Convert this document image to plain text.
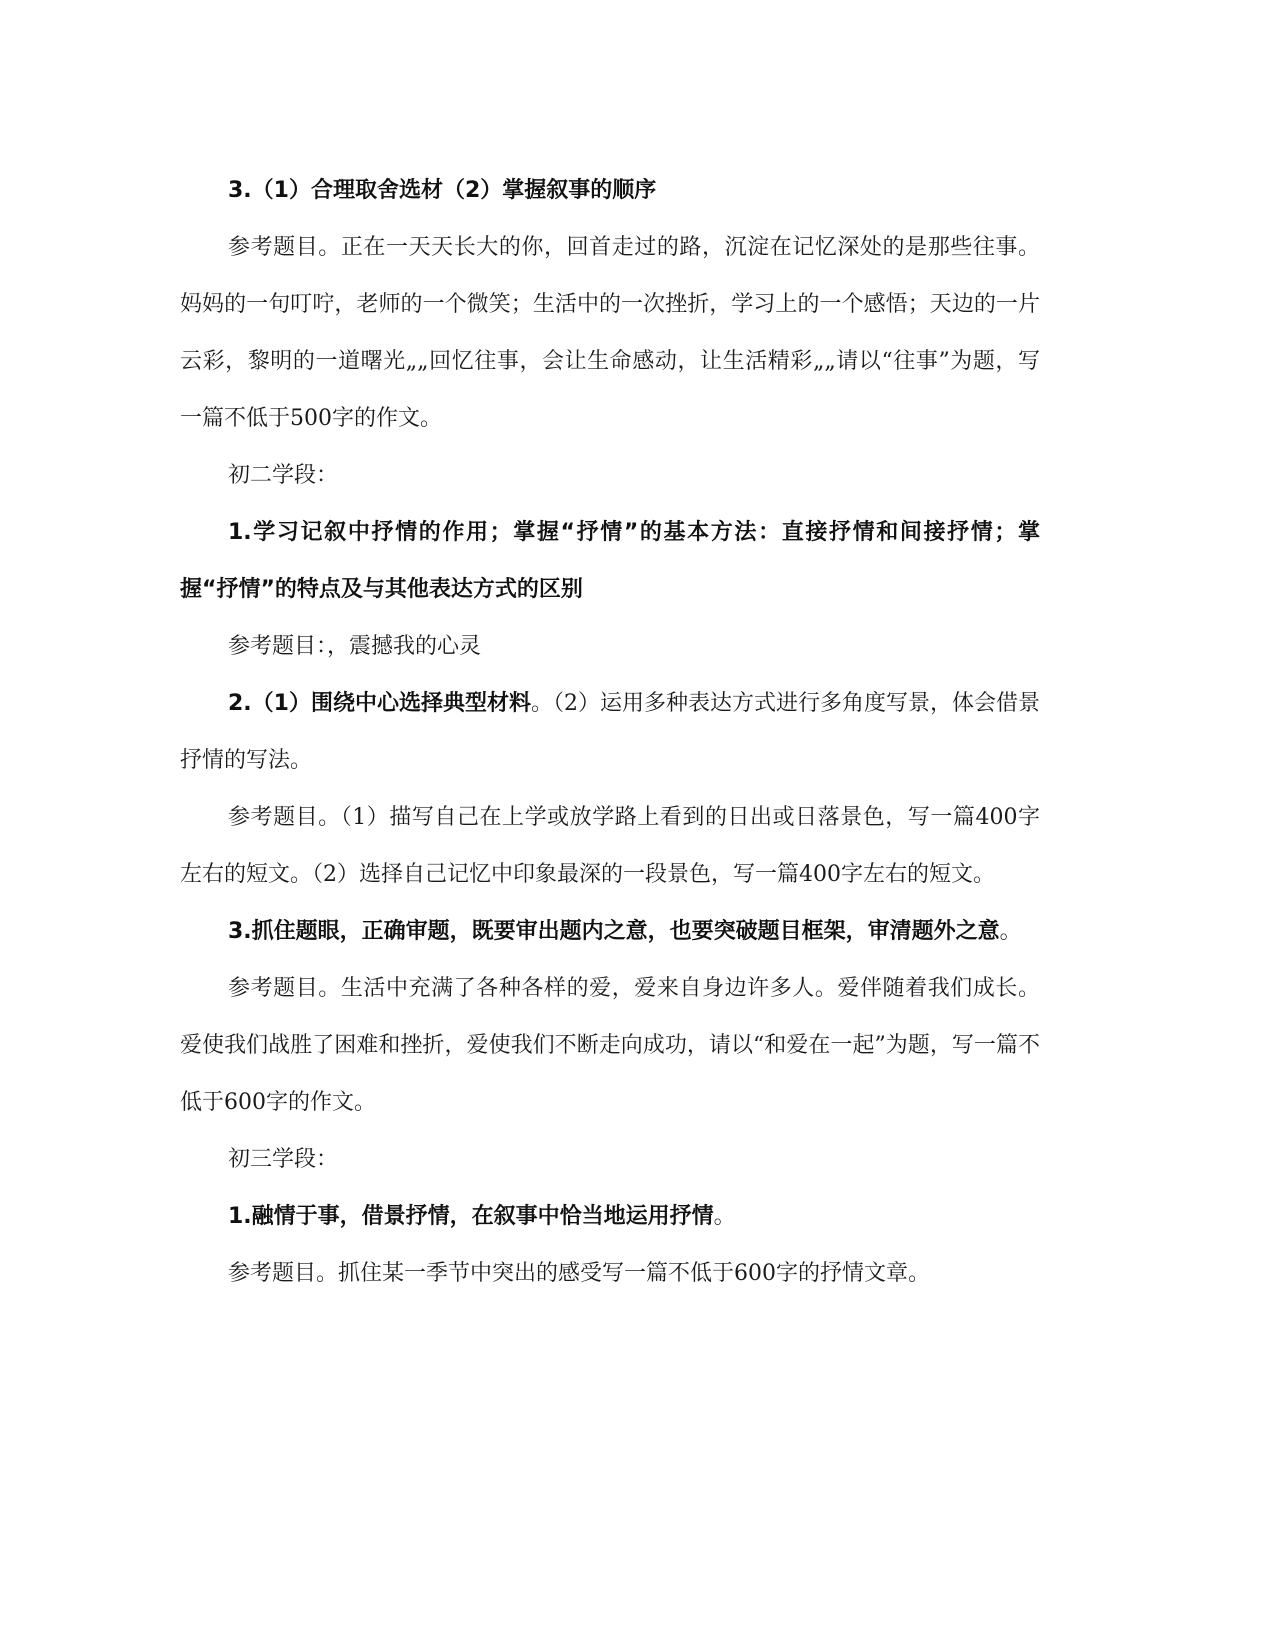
3.（1）合理取舍选材（2）掌握叙事的顺序

参考题目。正在一天天长大的你，回首走过的路，沉淀在记忆深处的是那些往事。妈妈的一句叮咛，老师的一个微笑；生活中的一次挫折，学习上的一个感悟；天边的一片云彩，黎明的一道曙光„„回忆往事，会让生命感动，让生活精彩„„请以“往事”为题，写一篇不低于500字的作文。

初二学段：

1.学习记叙中抒情的作用；掌握“抒情”的基本方法：直接抒情和间接抒情；掌握“抒情”的特点及与其他表达方式的区别

参考题目：，震撼我的心灵

2.（1）围绕中心选择典型材料。（2）运用多种表达方式进行多角度写景，体会借景抒情的写法。

参考题目。（1）描写自己在上学或放学路上看到的日出或日落景色，写一篇400字左右的短文。（2）选择自己记忆中印象最深的一段景色，写一篇400字左右的短文。

3.抓住题眼，正确审题，既要审出题内之意，也要突破题目框架，审清题外之意。

参考题目。生活中充满了各种各样的爱，爱来自身边许多人。爱伴随着我们成长。爱使我们战胜了困难和挫折，爱使我们不断走向成功，请以“和爱在一起”为题，写一篇不低于600字的作文。

初三学段：

1.融情于事，借景抒情，在叙事中恰当地运用抒情。

参考题目。抓住某一季节中突出的感受写一篇不低于600字的抒情文章。
